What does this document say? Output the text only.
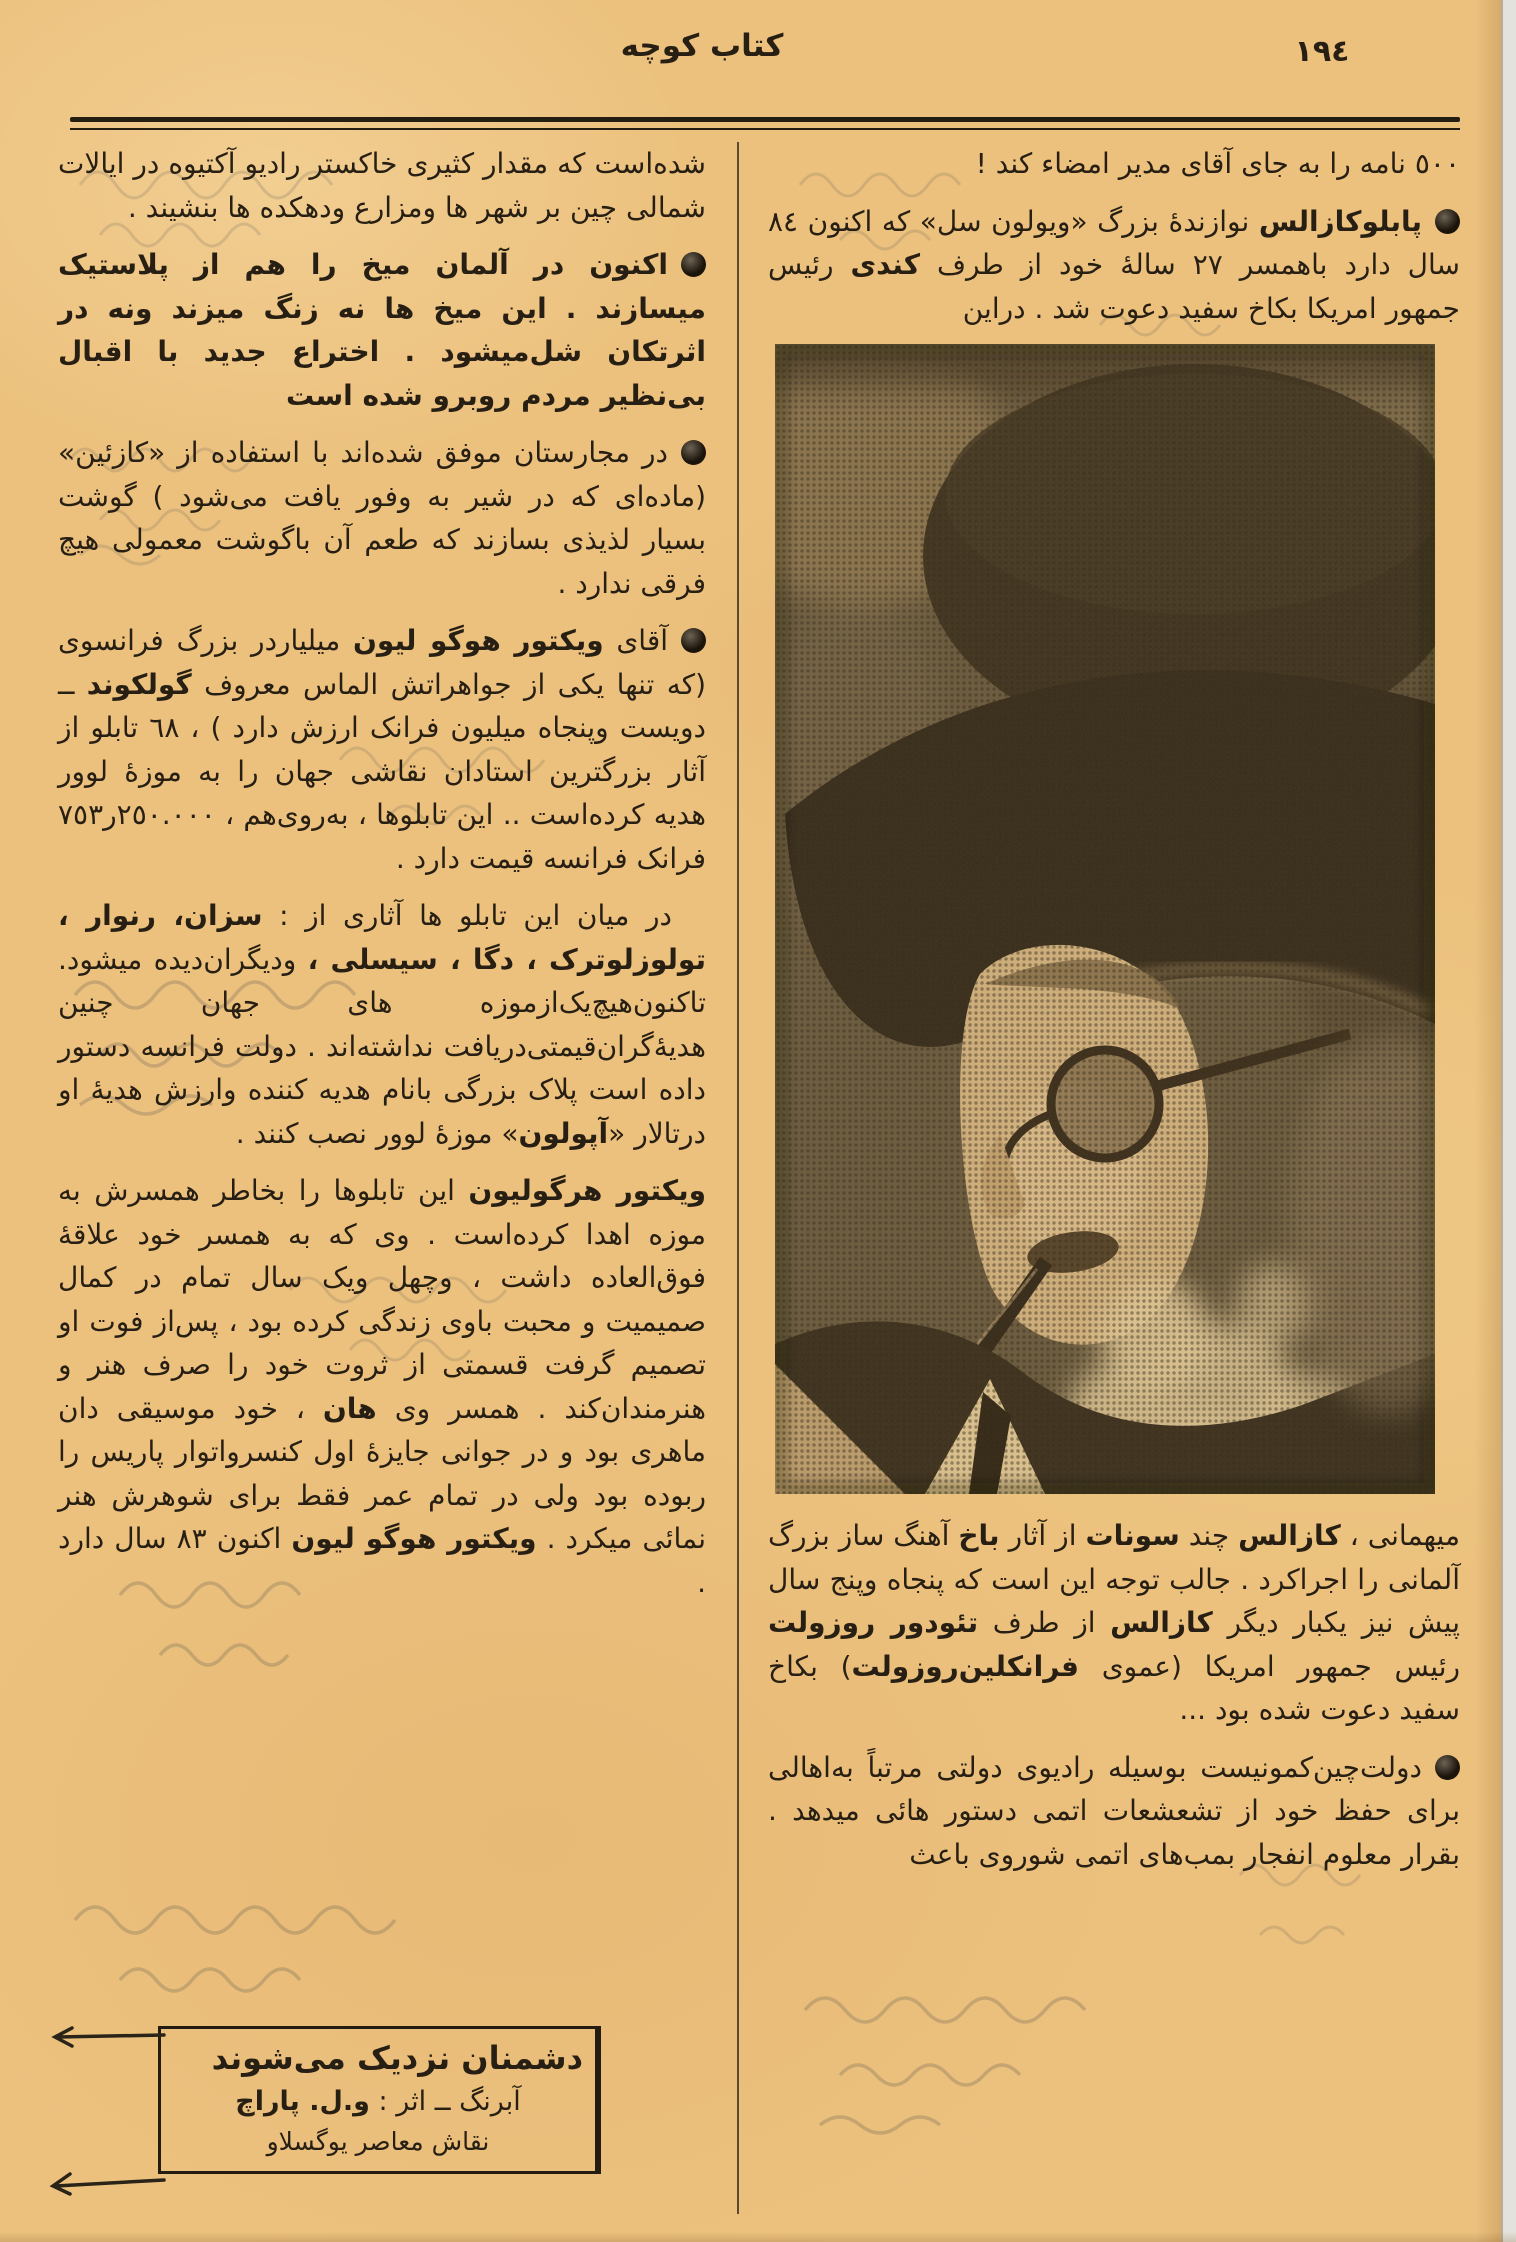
کتاب کوچه	١٩٤

شده‌است که مقدار کثیری خاکستر رادیو آکتیوه در ایالات شمالی چین بر شهر ها ومزارع ودهکده ها بنشیند .

اکنون در آلمان میخ را هم از پلاستیک میسازند . این میخ ها نه زنگ میزند ونه در اثرتکان شل‌میشود . اختراع جدید با اقبال بی‌نظیر مردم روبرو شده است

در مجارستان موفق شده‌اند با استفاده از «کازئین» (ماده‌ای که در شیر به وفور یافت می‌شود ) گوشت بسیار لذیذی بسازند که طعم آن باگوشت معمولی هیچ فرقی ندارد .

آقای ویکتور هوگو لیون میلیاردر بزرگ فرانسوی (که تنها یکی از جواهراتش الماس معروف گولکوند ــ دویست وپنجاه میلیون فرانک ارزش دارد ) ، ٦٨ تابلو از آثار بزرگترین استادان نقاشی جهان را به موزهٔ لوور هدیه کرده‌است .. این تابلوها ، به‌روی‌هم ، ٢٥٠.٠٠٠ر٧٥٣ فرانک فرانسه قیمت دارد .

در میان این تابلو ها آثاری از : سزان، رنوار ، تولوزلوترک ، دگا ، سیسلی ، ودیگران‌دیده میشود. تاکنون‌هیچ‌یک‌ازموزه های جهان چنین هدیهٔ‌گران‌قیمتی‌دریافت نداشته‌اند . دولت فرانسه دستور داده است پلاک بزرگی بانام هدیه کننده وارزش هدیهٔ او درتالار «آپولون» موزهٔ لوور نصب کنند .

ویکتور هرگولیون این تابلوها را بخاطر همسرش به موزه اهدا کرده‌است . وی که به همسر خود علاقهٔ فوق‌العاده داشت ، وچهل ویک سال تمام در کمال صمیمیت و محبت باوی زندگی کرده بود ، پس‌از فوت او تصمیم گرفت قسمتی از ثروت خود را صرف هنر و هنرمندان‌کند . همسر وی هان ، خود موسیقی دان ماهری بود و در جوانی جایزهٔ اول کنسرواتوار پاریس را ربوده بود ولی در تمام عمر فقط برای شوهرش هنر نمائی میکرد . ویکتور هوگو لیون اکنون ٨٣ سال دارد .

٥٠٠ نامه را به جای آقای مدیر امضاء کند !

پابلوکازالس نوازندهٔ بزرگ «ویولون سل» که اکنون ٨٤ سال دارد باهمسر ٢٧ سالهٔ خود از طرف کندی رئیس جمهور امریکا بکاخ سفید دعوت شد . دراین

میهمانی ، کازالس چند سونات از آثار باخ آهنگ ساز بزرگ آلمانی را اجراکرد . جالب توجه این است که پنجاه وپنج سال پیش نیز یکبار دیگر کازالس از طرف تئودور روزولت رئیس جمهور امریکا (عموی فرانکلین‌روزولت) بکاخ سفید دعوت شده بود ...

دولت‌چین‌کمونیست بوسیله رادیوی دولتی مرتباً به‌اهالی برای حفظ خود از تشعشعات اتمی دستور هائی میدهد . بقرار معلوم انفجار بمب‌های اتمی شوروی باعث

دشمنان نزدیک می‌شوند
آبرنگ ــ اثر : و.ل. پاراچ
نقاش معاصر یوگسلاو
